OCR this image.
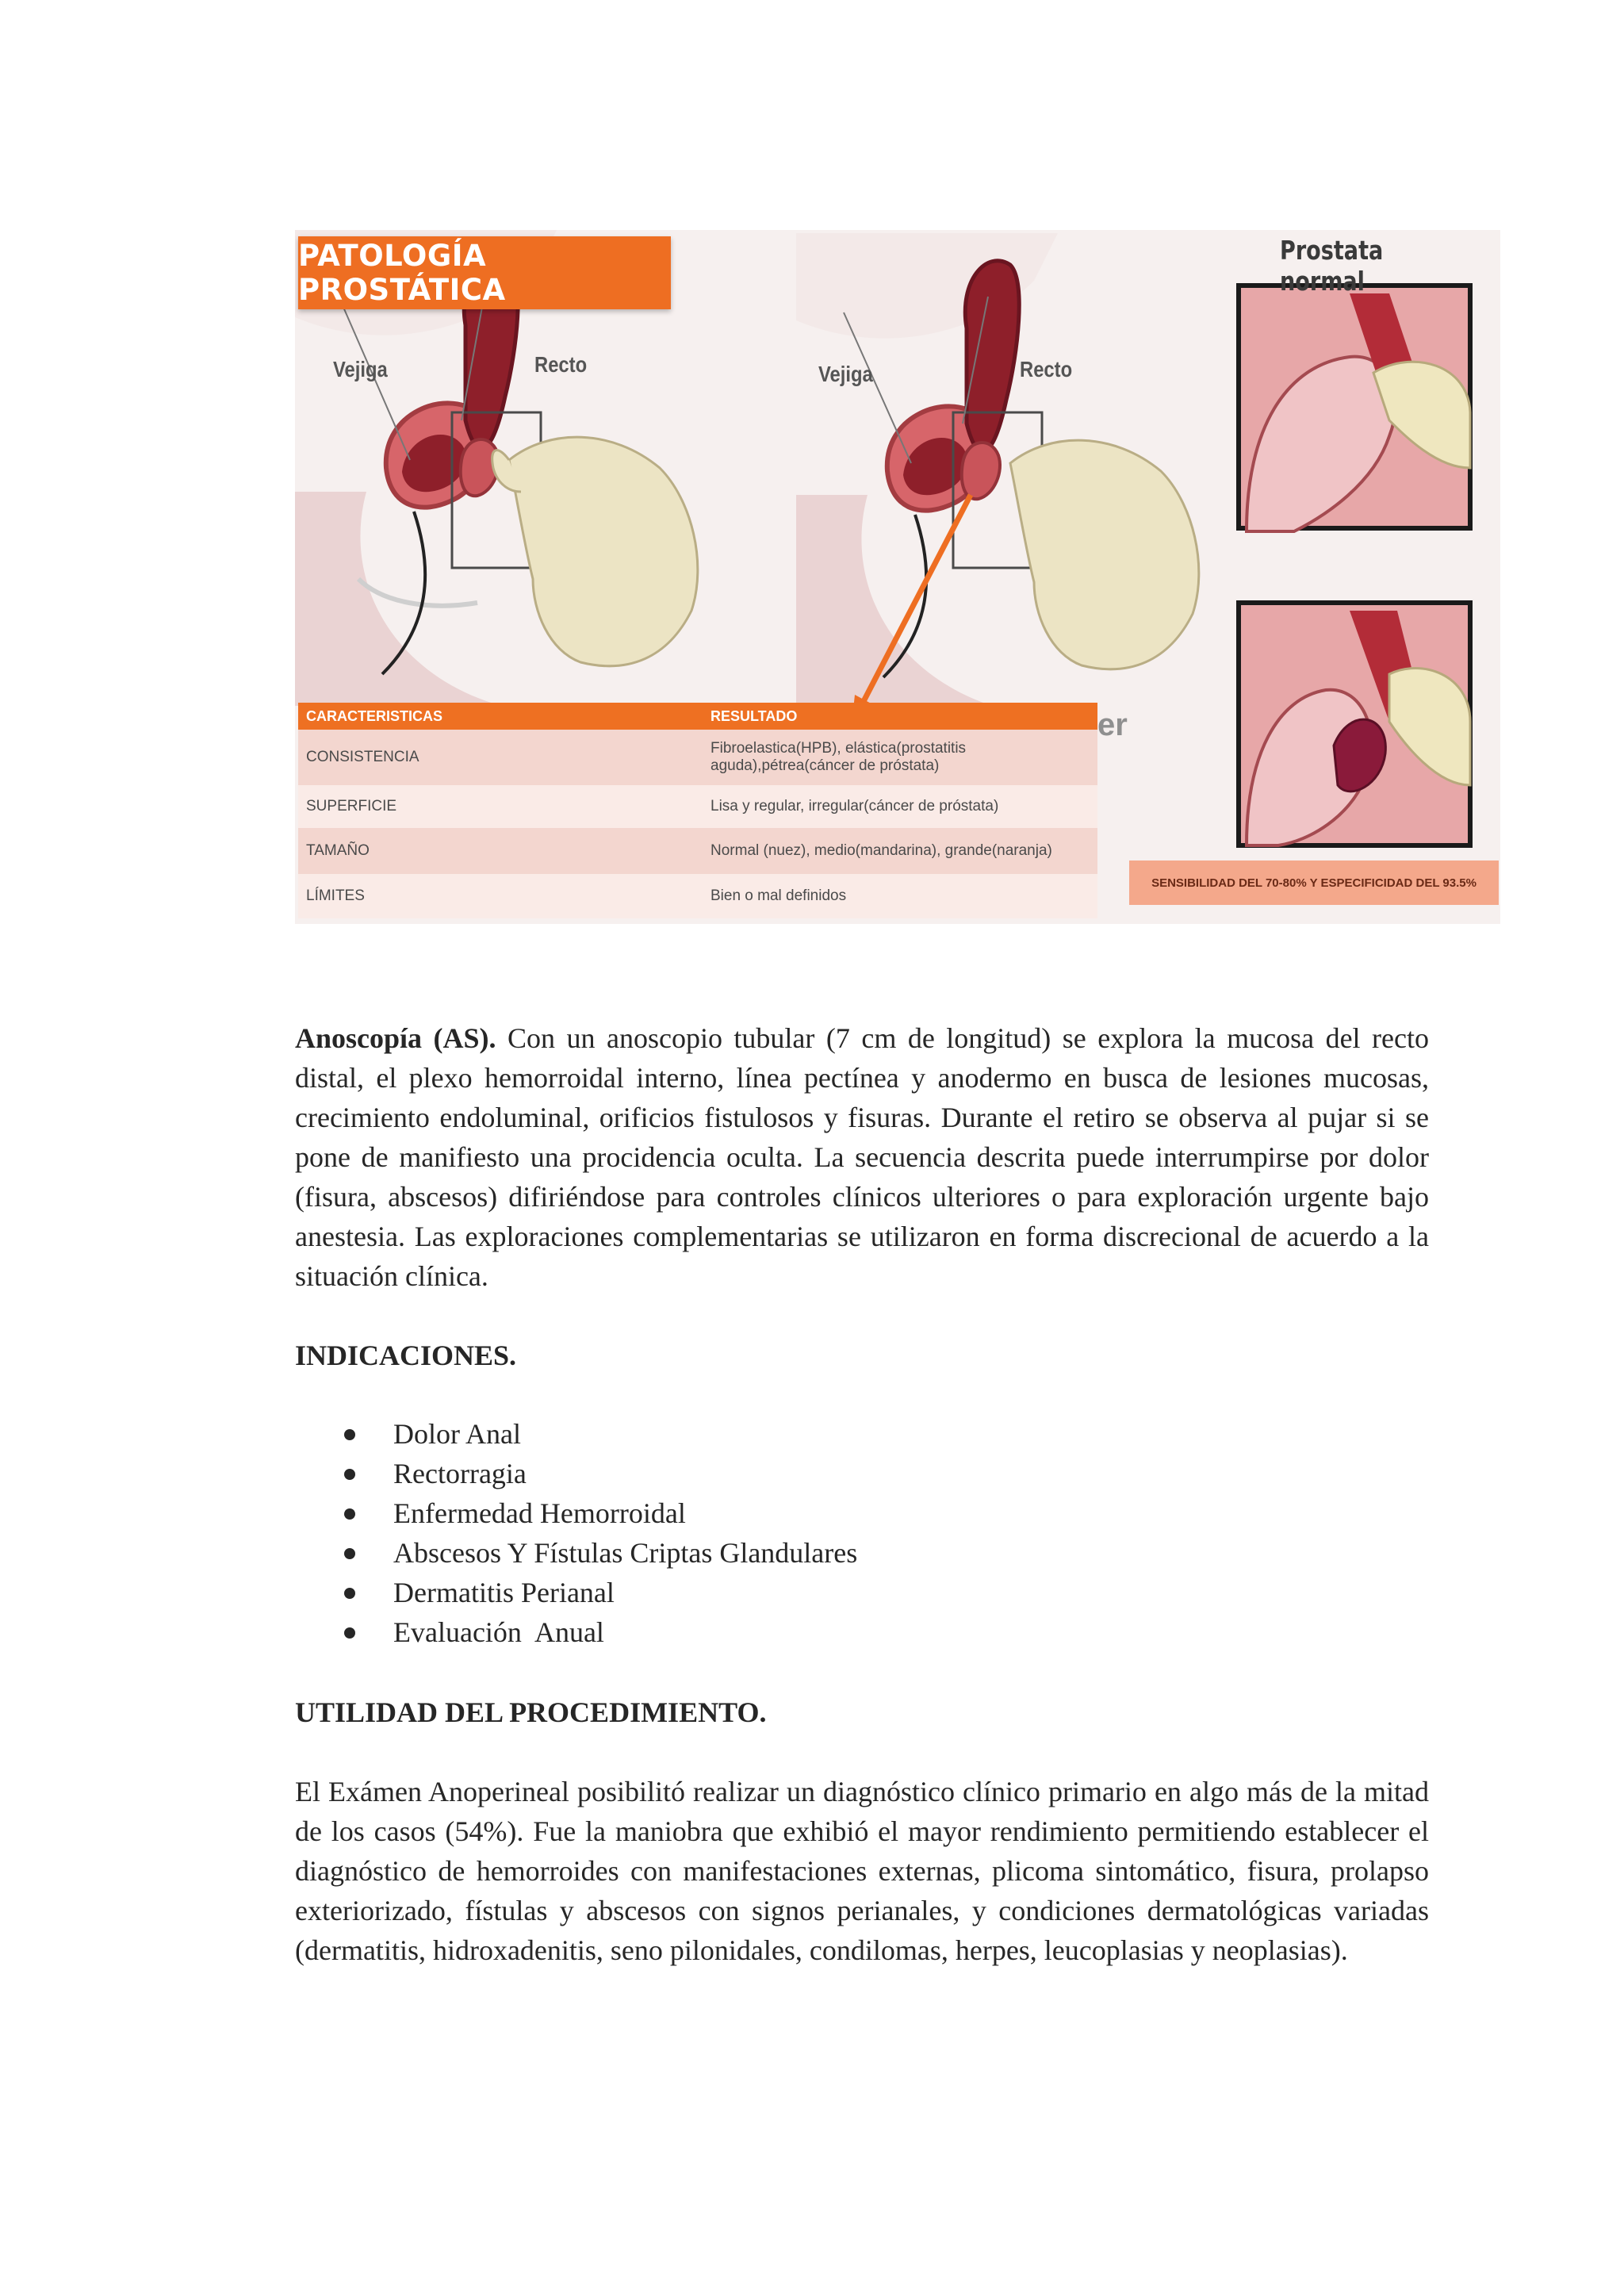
PATOLOGÍA PROSTÁTICA
Vejiga	Recto	Vejiga	Recto
Prostata normal
er
CARACTERISTICAS	RESULTADO
CONSISTENCIA	Fibroelastica(HPB), elástica(prostatitis aguda),pétrea(cáncer de próstata)
SUPERFICIE	Lisa y regular, irregular(cáncer de próstata)
TAMAÑO	Normal (nuez), medio(mandarina), grande(naranja)
LÍMITES	Bien o mal definidos
SENSIBILIDAD DEL 70-80% Y ESPECIFICIDAD DEL 93.5%

Anoscopía (AS). Con un anoscopio tubular (7 cm de longitud) se explora la mucosa del recto distal, el plexo hemorroidal interno, línea pectínea y anodermo en busca de lesiones mucosas, crecimiento endoluminal, orificios fistulosos y fisuras. Durante el retiro se observa al pujar si se pone de manifiesto una procidencia oculta. La secuencia descrita puede interrumpirse por dolor (fisura, abscesos) difiriéndose para controles clínicos ulteriores o para exploración urgente bajo anestesia. Las exploraciones complementarias se utilizaron en forma discrecional de acuerdo a la situación clínica.

INDICACIONES.

Dolor Anal
Rectorragia
Enfermedad Hemorroidal
Abscesos Y Fístulas Criptas Glandulares
Dermatitis Perianal
Evaluación  Anual

UTILIDAD DEL PROCEDIMIENTO.

El Exámen Anoperineal posibilitó realizar un diagnóstico clínico primario en algo más de la mitad de los casos (54%). Fue la maniobra que exhibió el mayor rendimiento permitiendo establecer el diagnóstico de hemorroides con manifestaciones externas, plicoma sintomático, fisura, prolapso exteriorizado, fístulas y abscesos con signos perianales, y condiciones dermatológicas variadas (dermatitis, hidroxadenitis, seno pilonidales, condilomas, herpes, leucoplasias y neoplasias).
